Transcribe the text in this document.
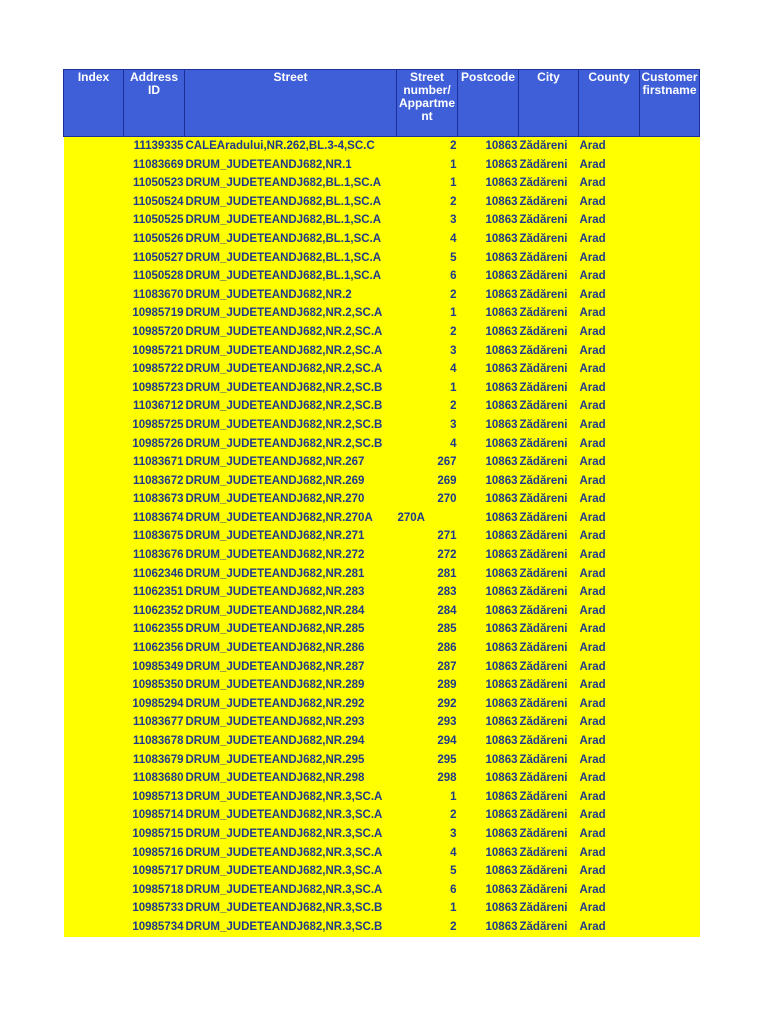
Index	Address ID	Street	Street number/ Appartment	Postcode	City	County	Customer firstname
	11139335	CALEAradului,NR.262,BL.3-4,SC.C	2	10863	Zădăreni	Arad	
	11083669	DRUM_JUDETEANDJ682,NR.1	1	10863	Zădăreni	Arad	
	11050523	DRUM_JUDETEANDJ682,BL.1,SC.A	1	10863	Zădăreni	Arad	
	11050524	DRUM_JUDETEANDJ682,BL.1,SC.A	2	10863	Zădăreni	Arad	
	11050525	DRUM_JUDETEANDJ682,BL.1,SC.A	3	10863	Zădăreni	Arad	
	11050526	DRUM_JUDETEANDJ682,BL.1,SC.A	4	10863	Zădăreni	Arad	
	11050527	DRUM_JUDETEANDJ682,BL.1,SC.A	5	10863	Zădăreni	Arad	
	11050528	DRUM_JUDETEANDJ682,BL.1,SC.A	6	10863	Zădăreni	Arad	
	11083670	DRUM_JUDETEANDJ682,NR.2	2	10863	Zădăreni	Arad	
	10985719	DRUM_JUDETEANDJ682,NR.2,SC.A	1	10863	Zădăreni	Arad	
	10985720	DRUM_JUDETEANDJ682,NR.2,SC.A	2	10863	Zădăreni	Arad	
	10985721	DRUM_JUDETEANDJ682,NR.2,SC.A	3	10863	Zădăreni	Arad	
	10985722	DRUM_JUDETEANDJ682,NR.2,SC.A	4	10863	Zădăreni	Arad	
	10985723	DRUM_JUDETEANDJ682,NR.2,SC.B	1	10863	Zădăreni	Arad	
	11036712	DRUM_JUDETEANDJ682,NR.2,SC.B	2	10863	Zădăreni	Arad	
	10985725	DRUM_JUDETEANDJ682,NR.2,SC.B	3	10863	Zădăreni	Arad	
	10985726	DRUM_JUDETEANDJ682,NR.2,SC.B	4	10863	Zădăreni	Arad	
	11083671	DRUM_JUDETEANDJ682,NR.267	267	10863	Zădăreni	Arad	
	11083672	DRUM_JUDETEANDJ682,NR.269	269	10863	Zădăreni	Arad	
	11083673	DRUM_JUDETEANDJ682,NR.270	270	10863	Zădăreni	Arad	
	11083674	DRUM_JUDETEANDJ682,NR.270A	270A	10863	Zădăreni	Arad	
	11083675	DRUM_JUDETEANDJ682,NR.271	271	10863	Zădăreni	Arad	
	11083676	DRUM_JUDETEANDJ682,NR.272	272	10863	Zădăreni	Arad	
	11062346	DRUM_JUDETEANDJ682,NR.281	281	10863	Zădăreni	Arad	
	11062351	DRUM_JUDETEANDJ682,NR.283	283	10863	Zădăreni	Arad	
	11062352	DRUM_JUDETEANDJ682,NR.284	284	10863	Zădăreni	Arad	
	11062355	DRUM_JUDETEANDJ682,NR.285	285	10863	Zădăreni	Arad	
	11062356	DRUM_JUDETEANDJ682,NR.286	286	10863	Zădăreni	Arad	
	10985349	DRUM_JUDETEANDJ682,NR.287	287	10863	Zădăreni	Arad	
	10985350	DRUM_JUDETEANDJ682,NR.289	289	10863	Zădăreni	Arad	
	10985294	DRUM_JUDETEANDJ682,NR.292	292	10863	Zădăreni	Arad	
	11083677	DRUM_JUDETEANDJ682,NR.293	293	10863	Zădăreni	Arad	
	11083678	DRUM_JUDETEANDJ682,NR.294	294	10863	Zădăreni	Arad	
	11083679	DRUM_JUDETEANDJ682,NR.295	295	10863	Zădăreni	Arad	
	11083680	DRUM_JUDETEANDJ682,NR.298	298	10863	Zădăreni	Arad	
	10985713	DRUM_JUDETEANDJ682,NR.3,SC.A	1	10863	Zădăreni	Arad	
	10985714	DRUM_JUDETEANDJ682,NR.3,SC.A	2	10863	Zădăreni	Arad	
	10985715	DRUM_JUDETEANDJ682,NR.3,SC.A	3	10863	Zădăreni	Arad	
	10985716	DRUM_JUDETEANDJ682,NR.3,SC.A	4	10863	Zădăreni	Arad	
	10985717	DRUM_JUDETEANDJ682,NR.3,SC.A	5	10863	Zădăreni	Arad	
	10985718	DRUM_JUDETEANDJ682,NR.3,SC.A	6	10863	Zădăreni	Arad	
	10985733	DRUM_JUDETEANDJ682,NR.3,SC.B	1	10863	Zădăreni	Arad	
	10985734	DRUM_JUDETEANDJ682,NR.3,SC.B	2	10863	Zădăreni	Arad	
